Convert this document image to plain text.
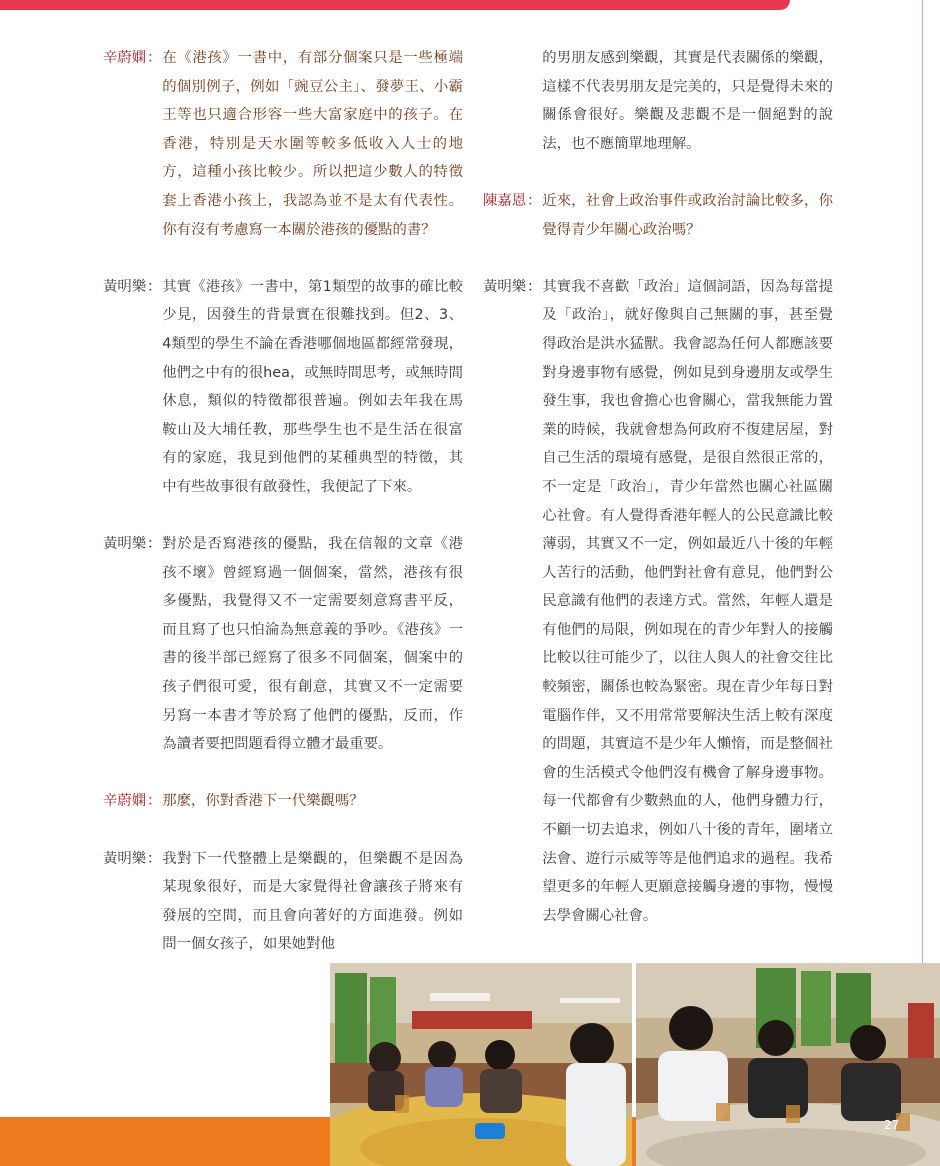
辛蔚嫻 ： 在《港孩》一書中，有部分個案只是一些極端的個別例子，例如「豌豆公主」、發夢王、小霸王等也只適合形容一些大富家庭中的孩子。在香港，特別是天水圍等較多低收入人士的地方，這種小孩比較少。所以把這少數人的特徵套上香港小孩上，我認為並不是太有代表性。你有沒有考慮寫一本關於港孩的優點的書？
黃明樂 ： 其實《港孩》一書中，第1類型的故事的確比較少見，因發生的背景實在很難找到。但2、3、4類型的學生不論在香港哪個地區都經常發現，他們之中有的很hea，或無時間思考，或無時間休息，類似的特徵都很普遍。例如去年我在馬鞍山及大埔任教，那些學生也不是生活在很富有的家庭，我見到他們的某種典型的特徵，其中有些故事很有啟發性，我便記了下來。
黃明樂 ： 對於是否寫港孩的優點，我在信報的文章《港孩不壞》曾經寫過一個個案，當然，港孩有很多優點，我覺得又不一定需要刻意寫書平反，而且寫了也只怕淪為無意義的爭吵。《港孩》一書的後半部已經寫了很多不同個案，個案中的孩子們很可愛，很有創意，其實又不一定需要另寫一本書才等於寫了他們的優點，反而，作為讀者要把問題看得立體才最重要。
辛蔚嫻 ： 那麼，你對香港下一代樂觀嗎？
黃明樂 ： 我對下一代整體上是樂觀的，但樂觀不是因為某現象很好，而是大家覺得社會讓孩子將來有發展的空間，而且會向著好的方面進發。例如問一個女孩子，如果她對他
的男朋友感到樂觀，其實是代表關係的樂觀，這樣不代表男朋友是完美的，只是覺得未來的關係會很好。樂觀及悲觀不是一個絕對的說法，也不應簡單地理解。
陳嘉恩 ： 近來，社會上政治事件或政治討論比較多，你覺得青少年關心政治嗎？
黃明樂 ： 其實我不喜歡「政治」這個詞語，因為每當提及「政治」，就好像與自己無關的事，甚至覺得政治是洪水猛獸。我會認為任何人都應該要對身邊事物有感覺，例如見到身邊朋友或學生發生事，我也會擔心也會關心，當我無能力置業的時候，我就會想為何政府不復建居屋，對自己生活的環境有感覺，是很自然很正常的，不一定是「政治」，青少年當然也關心社區關心社會。有人覺得香港年輕人的公民意識比較薄弱，其實又不一定，例如最近八十後的年輕人苦行的活動，他們對社會有意見，他們對公民意識有他們的表達方式。當然，年輕人還是有他們的局限，例如現在的青少年對人的接觸比較以往可能少了，以往人與人的社會交往比較頻密，關係也較為緊密。現在青少年每日對電腦作伴，又不用常常要解決生活上較有深度的問題，其實這不是少年人懶惰，而是整個社會的生活模式令他們沒有機會了解身邊事物。每一代都會有少數熱血的人，他們身體力行，不顧一切去追求，例如八十後的青年，圍堵立法會、遊行示威等等是他們追求的過程。我希望更多的年輕人更願意接觸身邊的事物，慢慢去學會關心社會。
27
